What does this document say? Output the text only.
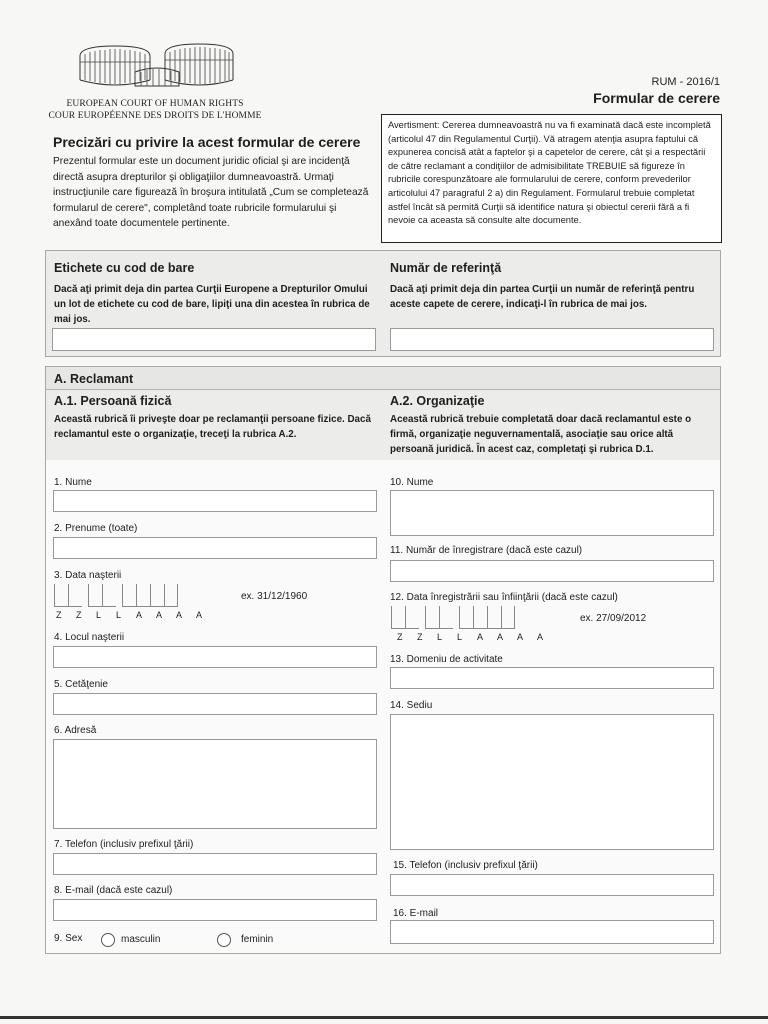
EUROPEAN COURT OF HUMAN RIGHTS
COUR EUROPÉENNE DES DROITS DE L'HOMME
RUM - 2016/1
Formular de cerere
Precizări cu privire la acest formular de cerere
Prezentul formular este un document juridic oficial şi are incidenţă directă asupra drepturilor şi obligaţiilor dumneavoastră. Urmaţi instrucţiunile care figurează în broşura intitulată „Cum se completează formularul de cerere", completând toate rubricile formularului şi anexând toate documentele pertinente.
Avertisment: Cererea dumneavoastră nu va fi examinată dacă este incompletă (articolul 47 din Regulamentul Curţii). Vă atragem atenţia asupra faptului că expunerea concisă atât a faptelor şi a capetelor de cerere, cât şi a respectării de către reclamant a condiţiilor de admisibilitate TREBUIE să figureze în rubricile corespunzătoare ale formularului de cerere, conform prevederilor articolului 47 paragraful 2 a) din Regulament. Formularul trebuie completat astfel încât să permită Curţii să identifice natura şi obiectul cererii fără a fi nevoie ca aceasta să consulte alte documente.
Etichete cu cod de bare
Dacă aţi primit deja din partea Curţii Europene a Drepturilor Omului un lot de etichete cu cod de bare, lipiţi una din acestea în rubrica de mai jos.
Număr de referinţă
Dacă aţi primit deja din partea Curţii un număr de referinţă pentru aceste capete de cerere, indicaţi-l în rubrica de mai jos.
A. Reclamant
A.1. Persoană fizică
Această rubrică îi priveşte doar pe reclamanţii persoane fizice. Dacă reclamantul este o organizaţie, treceţi la rubrica A.2.
1. Nume
2. Prenume (toate)
3. Data naşterii
ex. 31/12/1960
Z Z L L A A A A
4. Locul naşterii
5. Cetăţenie
6. Adresă
7. Telefon (inclusiv prefixul ţării)
8. E-mail (dacă este cazul)
9. Sex	masculin	feminin
A.2. Organizaţie
Această rubrică trebuie completată doar dacă reclamantul este o firmă, organizaţie neguvernamentală, asociaţie sau orice altă persoană juridică. În acest caz, completaţi şi rubrica D.1.
10. Nume
11. Număr de înregistrare (dacă este cazul)
12. Data înregistrării sau înfiinţării (dacă este cazul)
ex. 27/09/2012
Z Z L L A A A A
13. Domeniu de activitate
14. Sediu
15. Telefon (inclusiv prefixul ţării)
16. E-mail
